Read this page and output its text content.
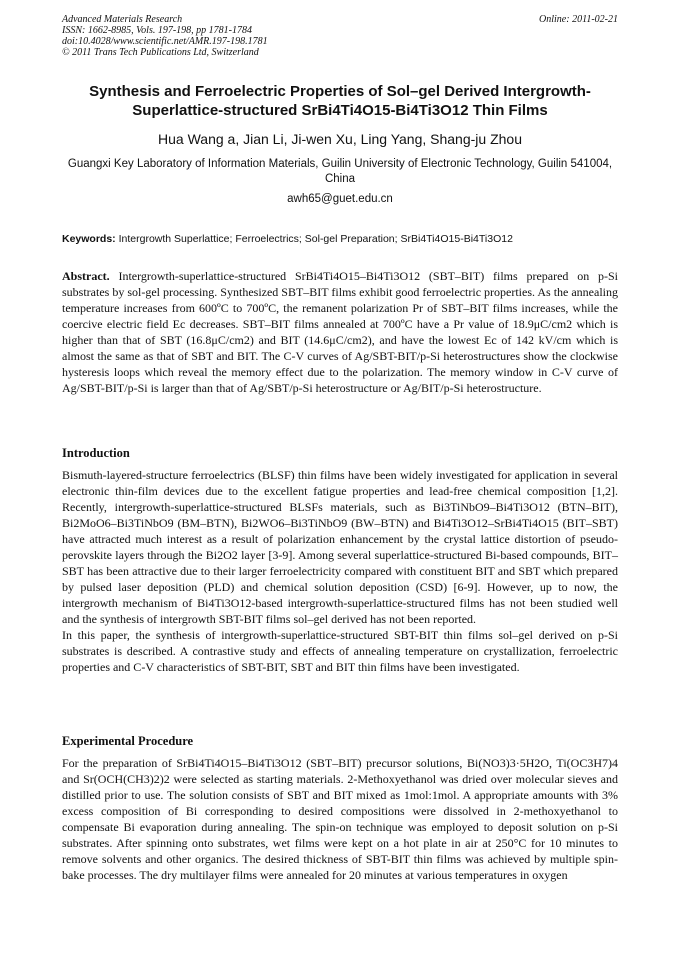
Advanced Materials Research
ISSN: 1662-8985, Vols. 197-198, pp 1781-1784
doi:10.4028/www.scientific.net/AMR.197-198.1781
© 2011 Trans Tech Publications Ltd, Switzerland
Online: 2011-02-21
Synthesis and Ferroelectric Properties of Sol–gel Derived Intergrowth-Superlattice-structured SrBi4Ti4O15-Bi4Ti3O12 Thin Films
Hua Wang a, Jian Li, Ji-wen Xu, Ling Yang, Shang-ju Zhou
Guangxi Key Laboratory of Information Materials, Guilin University of Electronic Technology, Guilin 541004, China
awh65@guet.edu.cn
Keywords: Intergrowth Superlattice; Ferroelectrics; Sol-gel Preparation; SrBi4Ti4O15-Bi4Ti3O12
Abstract. Intergrowth-superlattice-structured SrBi4Ti4O15–Bi4Ti3O12 (SBT–BIT) films prepared on p-Si substrates by sol-gel processing. Synthesized SBT–BIT films exhibit good ferroelectric properties. As the annealing temperature increases from 600ºC to 700ºC, the remanent polarization Pr of SBT–BIT films increases, while the coercive electric field Ec decreases. SBT–BIT films annealed at 700ºC have a Pr value of 18.9μC/cm2 which is higher than that of SBT (16.8μC/cm2) and BIT (14.6μC/cm2), and have the lowest Ec of 142 kV/cm which is almost the same as that of SBT and BIT. The C-V curves of Ag/SBT-BIT/p-Si heterostructures show the clockwise hysteresis loops which reveal the memory effect due to the polarization. The memory window in C-V curve of Ag/SBT-BIT/p-Si is larger than that of Ag/SBT/p-Si heterostructure or Ag/BIT/p-Si heterostructure.
Introduction
Bismuth-layered-structure ferroelectrics (BLSF) thin films have been widely investigated for application in several electronic thin-film devices due to the excellent fatigue properties and lead-free chemical composition [1,2]. Recently, intergrowth-superlattice-structured BLSFs materials, such as Bi3TiNbO9–Bi4Ti3O12 (BTN–BIT), Bi2MoO6–Bi3TiNbO9 (BM–BTN), Bi2WO6–Bi3TiNbO9 (BW–BTN) and Bi4Ti3O12–SrBi4Ti4O15 (BIT–SBT) have attracted much interest as a result of polarization enhancement by the crystal lattice distortion of pseudo-perovskite layers through the Bi2O2 layer [3-9]. Among several superlattice-structured Bi-based compounds, BIT–SBT has been attractive due to their larger ferroelectricity compared with constituent BIT and SBT which prepared by pulsed laser deposition (PLD) and chemical solution deposition (CSD) [6-9]. However, up to now, the intergrowth mechanism of Bi4Ti3O12-based intergrowth-superlattice-structured films has not been studied well and the synthesis of intergrowth SBT-BIT films sol–gel derived has not been reported.
In this paper, the synthesis of intergrowth-superlattice-structured SBT-BIT thin films sol–gel derived on p-Si substrates is described. A contrastive study and effects of annealing temperature on crystallization, ferroelectric properties and C-V characteristics of SBT-BIT, SBT and BIT thin films have been investigated.
Experimental Procedure
For the preparation of SrBi4Ti4O15–Bi4Ti3O12 (SBT–BIT) precursor solutions, Bi(NO3)3·5H2O, Ti(OC3H7)4 and Sr(OCH(CH3)2)2 were selected as starting materials. 2-Methoxyethanol was dried over molecular sieves and distilled prior to use. The solution consists of SBT and BIT mixed as 1mol:1mol. A appropriate amounts with 3% excess composition of Bi corresponding to desired compositions were dissolved in 2-methoxyethanol to compensate Bi evaporation during annealing. The spin-on technique was employed to deposit solution on p-Si substrates. After spinning onto substrates, wet films were kept on a hot plate in air at 250°C for 10 minutes to remove solvents and other organics. The desired thickness of SBT-BIT thin films was achieved by multiple spin-bake processes. The dry multilayer films were annealed for 20 minutes at various temperatures in oxygen
